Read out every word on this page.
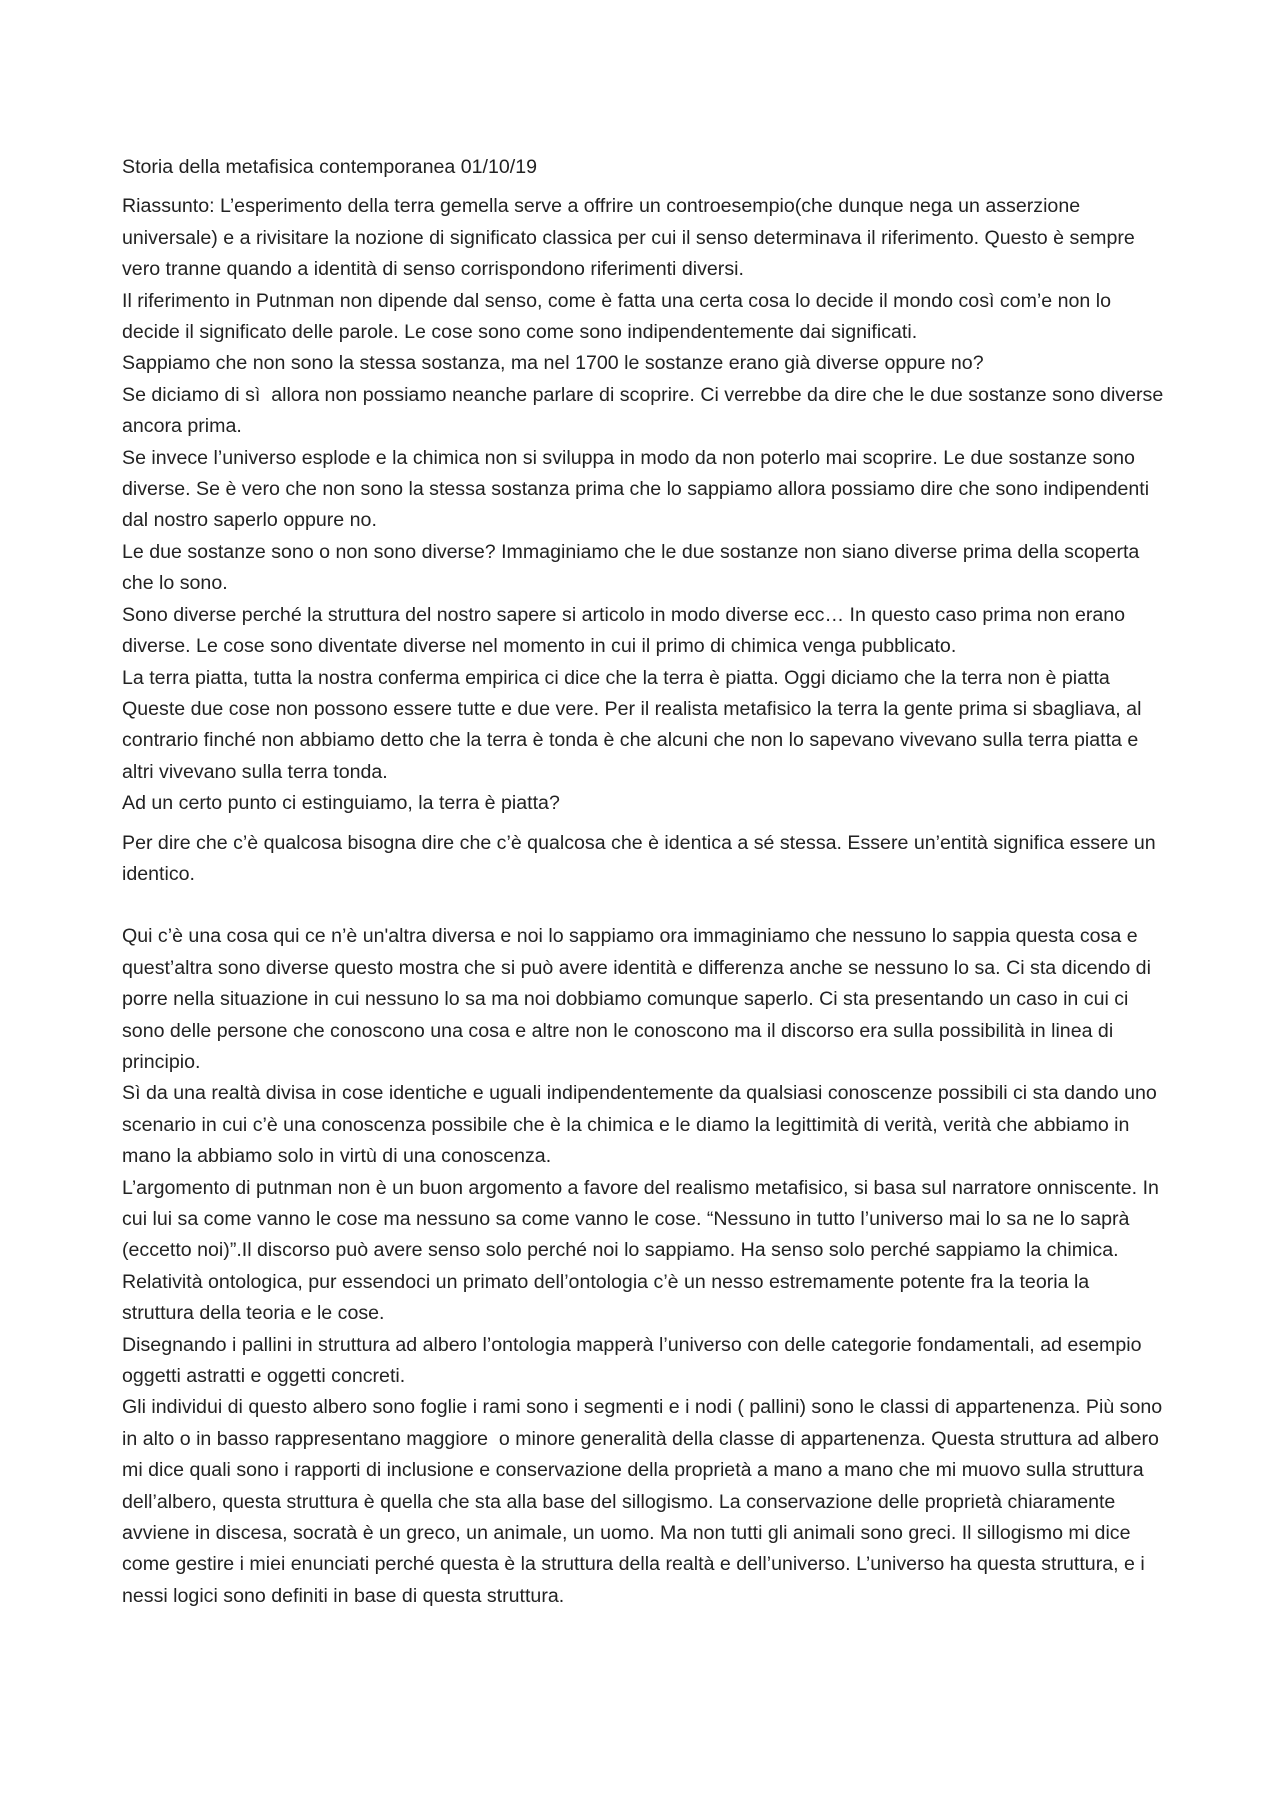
Storia della metafisica contemporanea 01/10/19

Riassunto: L’esperimento della terra gemella serve a offrire un controesempio(che dunque nega un asserzione universale) e a rivisitare la nozione di significato classica per cui il senso determinava il riferimento. Questo è sempre vero tranne quando a identità di senso corrispondono riferimenti diversi.

Il riferimento in Putnman non dipende dal senso, come è fatta una certa cosa lo decide il mondo così com’e non lo decide il significato delle parole. Le cose sono come sono indipendentemente dai significati.

Sappiamo che non sono la stessa sostanza, ma nel 1700 le sostanze erano già diverse oppure no?

Se diciamo di sì  allora non possiamo neanche parlare di scoprire. Ci verrebbe da dire che le due sostanze sono diverse ancora prima.

Se invece l’universo esplode e la chimica non si sviluppa in modo da non poterlo mai scoprire. Le due sostanze sono diverse. Se è vero che non sono la stessa sostanza prima che lo sappiamo allora possiamo dire che sono indipendenti dal nostro saperlo oppure no.

Le due sostanze sono o non sono diverse? Immaginiamo che le due sostanze non siano diverse prima della scoperta che lo sono.

Sono diverse perché la struttura del nostro sapere si articolo in modo diverse ecc… In questo caso prima non erano diverse. Le cose sono diventate diverse nel momento in cui il primo di chimica venga pubblicato.

La terra piatta, tutta la nostra conferma empirica ci dice che la terra è piatta. Oggi diciamo che la terra non è piatta Queste due cose non possono essere tutte e due vere. Per il realista metafisico la terra la gente prima si sbagliava, al contrario finché non abbiamo detto che la terra è tonda è che alcuni che non lo sapevano vivevano sulla terra piatta e altri vivevano sulla terra tonda.

Ad un certo punto ci estinguiamo, la terra è piatta?

Per dire che c’è qualcosa bisogna dire che c’è qualcosa che è identica a sé stessa. Essere un’entità significa essere un identico.

Qui c’è una cosa qui ce n’è un'altra diversa e noi lo sappiamo ora immaginiamo che nessuno lo sappia questa cosa e quest’altra sono diverse questo mostra che si può avere identità e differenza anche se nessuno lo sa. Ci sta dicendo di porre nella situazione in cui nessuno lo sa ma noi dobbiamo comunque saperlo. Ci sta presentando un caso in cui ci sono delle persone che conoscono una cosa e altre non le conoscono ma il discorso era sulla possibilità in linea di principio.

Sì da una realtà divisa in cose identiche e uguali indipendentemente da qualsiasi conoscenze possibili ci sta dando uno scenario in cui c’è una conoscenza possibile che è la chimica e le diamo la legittimità di verità, verità che abbiamo in mano la abbiamo solo in virtù di una conoscenza.

L’argomento di putnman non è un buon argomento a favore del realismo metafisico, si basa sul narratore onniscente. In cui lui sa come vanno le cose ma nessuno sa come vanno le cose. “Nessuno in tutto l’universo mai lo sa ne lo saprà (eccetto noi)”.Il discorso può avere senso solo perché noi lo sappiamo. Ha senso solo perché sappiamo la chimica.

Relatività ontologica, pur essendoci un primato dell’ontologia c’è un nesso estremamente potente fra la teoria la struttura della teoria e le cose.

Disegnando i pallini in struttura ad albero l’ontologia mapperà l’universo con delle categorie fondamentali, ad esempio oggetti astratti e oggetti concreti.

Gli individui di questo albero sono foglie i rami sono i segmenti e i nodi ( pallini) sono le classi di appartenenza. Più sono in alto o in basso rappresentano maggiore  o minore generalità della classe di appartenenza. Questa struttura ad albero mi dice quali sono i rapporti di inclusione e conservazione della proprietà a mano a mano che mi muovo sulla struttura dell’albero, questa struttura è quella che sta alla base del sillogismo. La conservazione delle proprietà chiaramente avviene in discesa, socratà è un greco, un animale, un uomo. Ma non tutti gli animali sono greci. Il sillogismo mi dice come gestire i miei enunciati perché questa è la struttura della realtà e dell’universo. L’universo ha questa struttura, e i nessi logici sono definiti in base di questa struttura.
